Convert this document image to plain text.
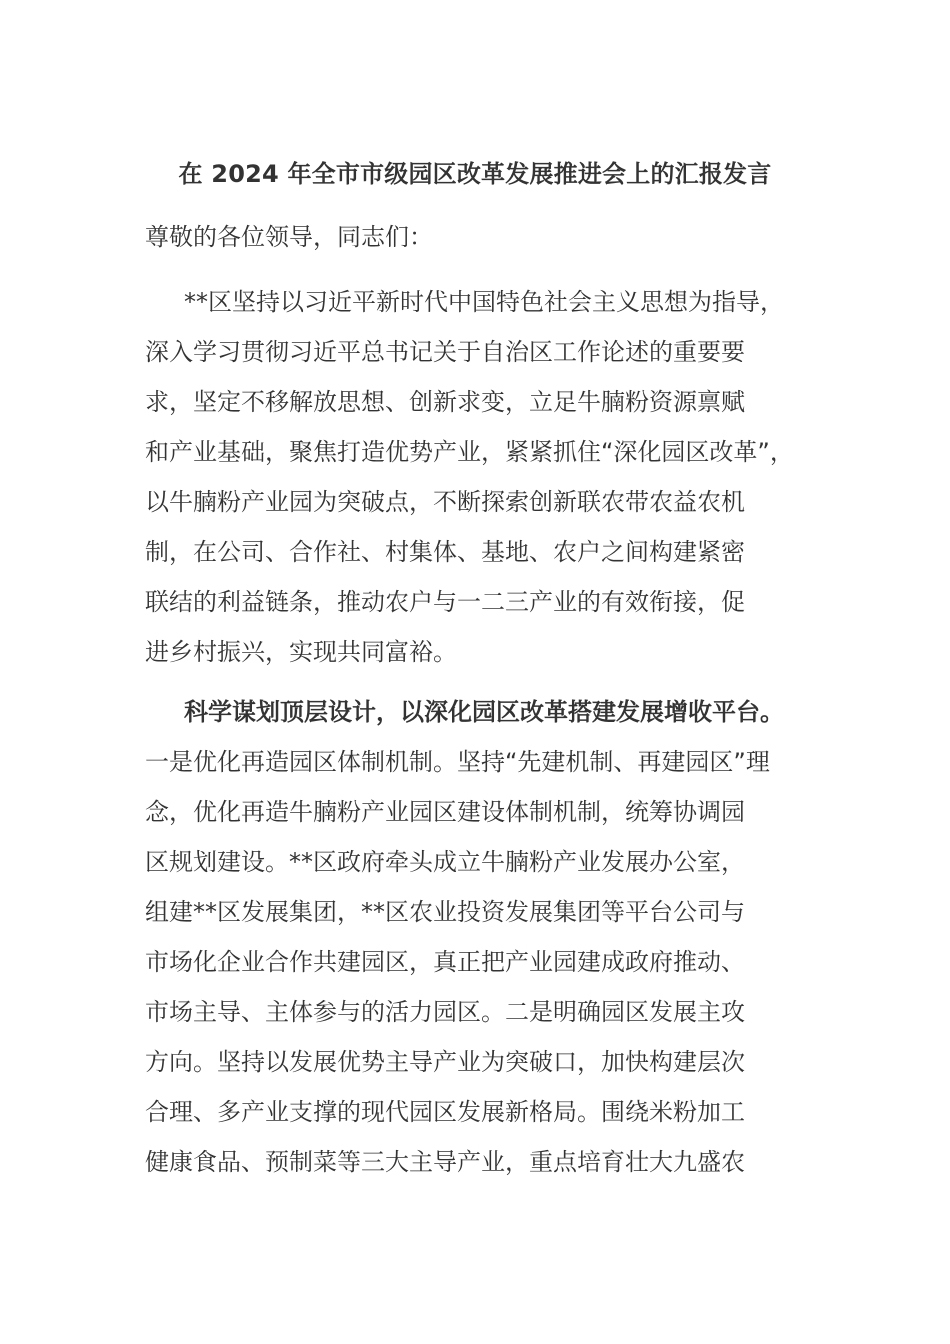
在 2024 年全市市级园区改革发展推进会上的汇报发言
尊敬的各位领导，同志们：
**区坚持以习近平新时代中国特色社会主义思想为指导，
深入学习贯彻习近平总书记关于自治区工作论述的重要要
求，坚定不移解放思想、创新求变，立足牛腩粉资源禀赋
和产业基础，聚焦打造优势产业，紧紧抓住“深化园区改革”，
以牛腩粉产业园为突破点，不断探索创新联农带农益农机
制，在公司、合作社、村集体、基地、农户之间构建紧密
联结的利益链条，推动农户与一二三产业的有效衔接，促
进乡村振兴，实现共同富裕。
科学谋划顶层设计，以深化园区改革搭建发展增收平台。
一是优化再造园区体制机制。坚持“先建机制、再建园区”理
念，优化再造牛腩粉产业园区建设体制机制，统筹协调园
区规划建设。**区政府牵头成立牛腩粉产业发展办公室，
组建**区发展集团，**区农业投资发展集团等平台公司与
市场化企业合作共建园区，真正把产业园建成政府推动、
市场主导、主体参与的活力园区。二是明确园区发展主攻
方向。坚持以发展优势主导产业为突破口，加快构建层次
合理、多产业支撑的现代园区发展新格局。围绕米粉加工
健康食品、预制菜等三大主导产业，重点培育壮大九盛农
